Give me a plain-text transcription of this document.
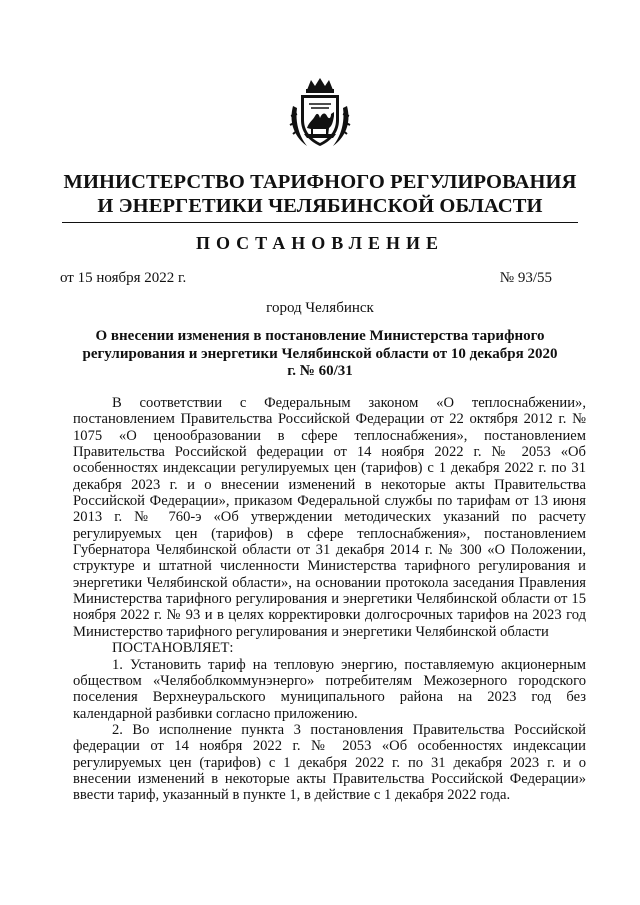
МИНИСТЕРСТВО ТАРИФНОГО РЕГУЛИРОВАНИЯ
И ЭНЕРГЕТИКИ ЧЕЛЯБИНСКОЙ ОБЛАСТИ
ПОСТАНОВЛЕНИЕ
от 15 ноября 2022 г.	№ 93/55
город Челябинск
О внесении изменения в постановление Министерства тарифного регулирования и энергетики Челябинской области от 10 декабря 2020 г. № 60/31

В соответствии с Федеральным законом «О теплоснабжении», постановлением Правительства Российской Федерации от 22 октября 2012 г. № 1075 «О ценообразовании в сфере теплоснабжения», постановлением Правительства Российской федерации от 14 ноября 2022 г. № 2053 «Об особенностях индексации регулируемых цен (тарифов) с 1 декабря 2022 г. по 31 декабря 2023 г. и о внесении изменений в некоторые акты Правительства Российской Федерации», приказом Федеральной службы по тарифам от 13 июня 2013 г. № 760-э «Об утверждении методических указаний по расчету регулируемых цен (тарифов) в сфере теплоснабжения», постановлением Губернатора Челябинской области от 31 декабря 2014 г. № 300 «О Положении, структуре и штатной численности Министерства тарифного регулирования и энергетики Челябинской области», на основании протокола заседания Правления Министерства тарифного регулирования и энергетики Челябинской области от 15 ноября 2022 г. № 93 и в целях корректировки долгосрочных тарифов на 2023 год Министерство тарифного регулирования и энергетики Челябинской области

ПОСТАНОВЛЯЕТ:

1. Установить тариф на тепловую энергию, поставляемую акционерным обществом «Челябоблкоммунэнерго» потребителям Межозерного городского поселения Верхнеуральского муниципального района на 2023 год без календарной разбивки согласно приложению.

2. Во исполнение пункта 3 постановления Правительства Российской федерации от 14 ноября 2022 г. № 2053 «Об особенностях индексации регулируемых цен (тарифов) с 1 декабря 2022 г. по 31 декабря 2023 г. и о внесении изменений в некоторые акты Правительства Российской Федерации» ввести тариф, указанный в пункте 1, в действие с 1 декабря 2022 года.
